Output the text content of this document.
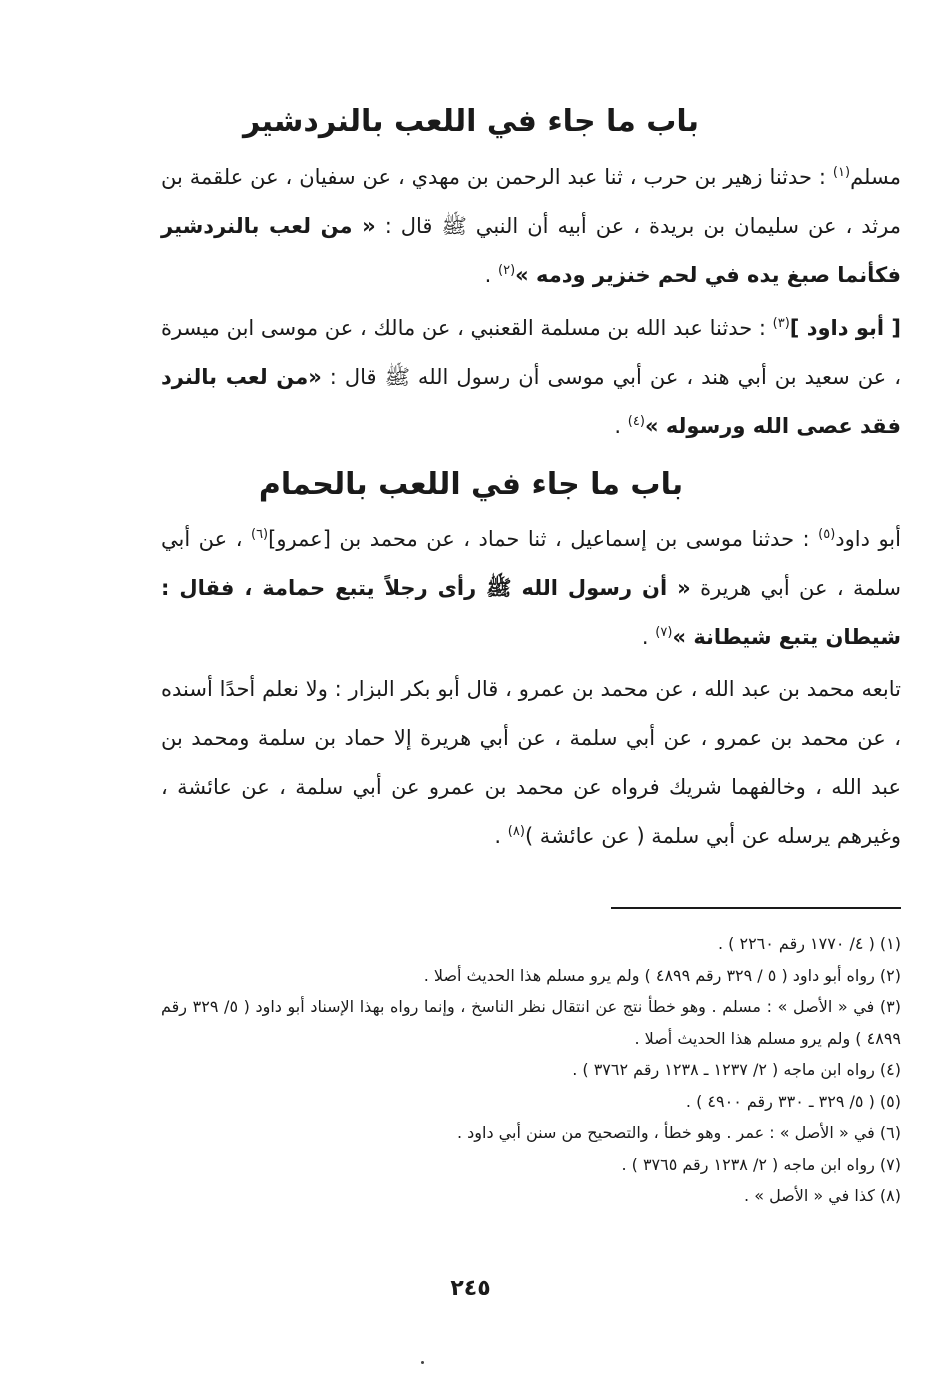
باب ما جاء في اللعب بالنردشير
مسلم$^{(١)}$ : حدثنا زهير بن حرب ، ثنا عبد الرحمن بن مهدي ، عن سفيان ، عن علقمة بن مرثد ، عن سليمان بن بريدة ، عن أبيه أن النبي ﷺ قال : « من لعب بالنردشير فكأنما صبغ يده في لحم خنزير ودمه »$^{(٢)}$ .
[ أبو داود ]$^{(٣)}$ : حدثنا عبد الله بن مسلمة القعنبي ، عن مالك ، عن موسى ابن ميسرة ، عن سعيد بن أبي هند ، عن أبي موسى أن رسول الله ﷺ قال : «من لعب بالنرد فقد عصى الله ورسوله »$^{(٤)}$ .
باب ما جاء في اللعب بالحمام
أبو داود$^{(٥)}$ : حدثنا موسى بن إسماعيل ، ثنا حماد ، عن محمد بن [عمرو]$^{(٦)}$ ، عن أبي سلمة ، عن أبي هريرة « أن رسول الله ﷺ رأى رجلاً يتبع حمامة ، فقال : شيطان يتبع شيطانة »$^{(٧)}$ .
تابعه محمد بن عبد الله ، عن محمد بن عمرو ، قال أبو بكر البزار : ولا نعلم أحدًا أسنده ، عن محمد بن عمرو ، عن أبي سلمة ، عن أبي هريرة إلا حماد بن سلمة ومحمد بن عبد الله ، وخالفهما شريك فرواه عن محمد بن عمرو عن أبي سلمة ، عن عائشة ، وغيرهم يرسله عن أبي سلمة ( عن عائشة )$^{(٨)}$ .
(١) ( ٤/ ١٧٧٠ رقم ٢٢٦٠ ) .
(٢) رواه أبو داود ( ٥ / ٣٢٩ رقم ٤٨٩٩ ) ولم يرو مسلم هذا الحديث أصلا .
(٣) في « الأصل » : مسلم . وهو خطأ نتج عن انتقال نظر الناسخ ، وإنما رواه بهذا الإسناد أبو داود ( ٥/ ٣٢٩ رقم ٤٨٩٩ ) ولم يرو مسلم هذا الحديث أصلا .
(٤) رواه ابن ماجه ( ٢/ ١٢٣٧ ـ ١٢٣٨ رقم ٣٧٦٢ ) .
(٥) ( ٥/ ٣٢٩ ـ ٣٣٠ رقم ٤٩٠٠ ) .
(٦) في « الأصل » : عمر . وهو خطأ ، والتصحيح من سنن أبي داود .
(٧) رواه ابن ماجه ( ٢/ ١٢٣٨ رقم ٣٧٦٥ ) .
(٨) كذا في « الأصل » .
٢٤٥
